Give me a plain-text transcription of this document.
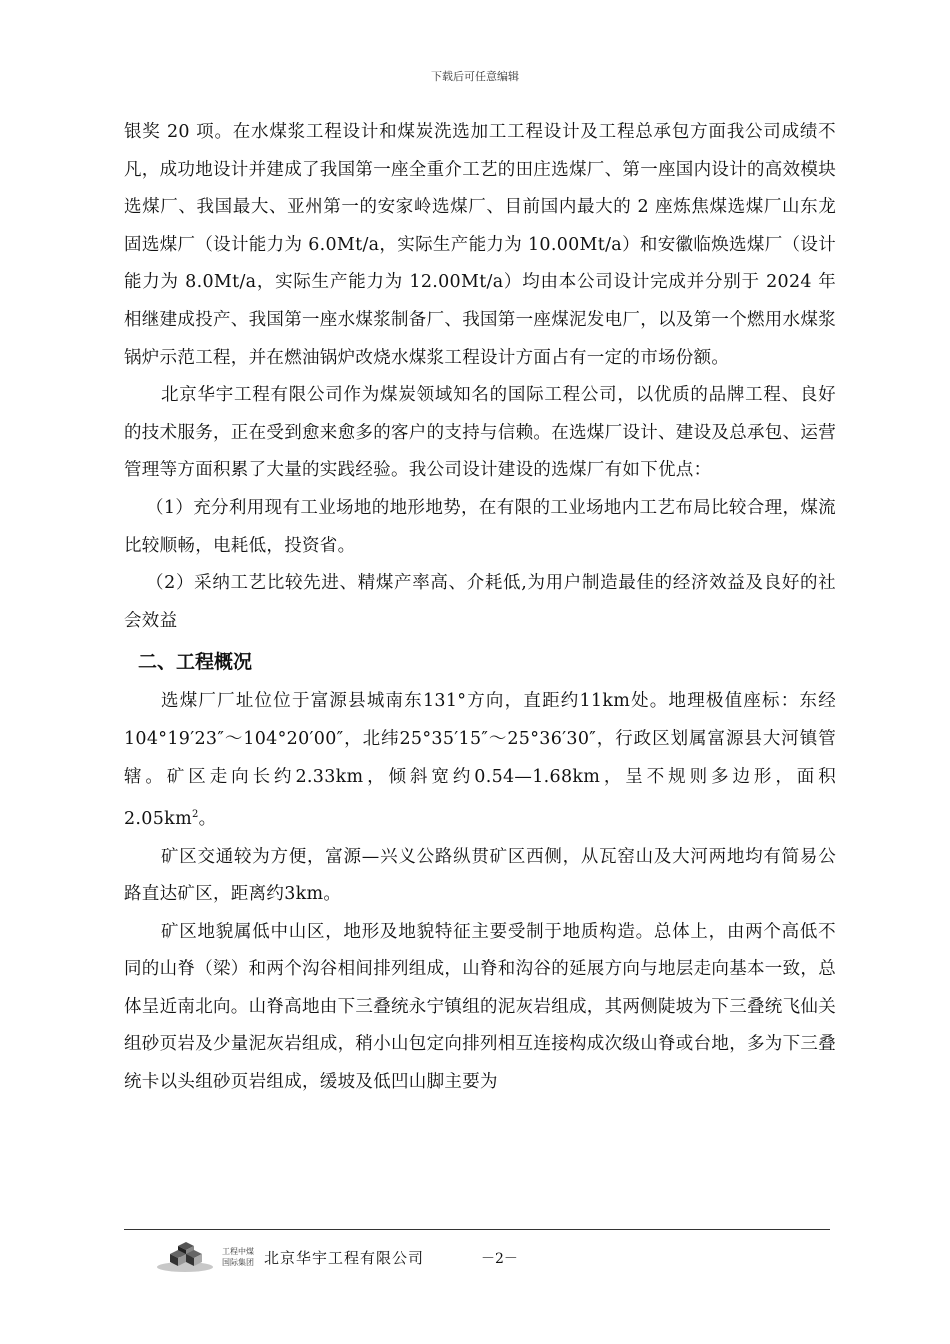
下载后可任意编辑

银奖 20 项。在水煤浆工程设计和煤炭洗选加工工程设计及工程总承包方面我公司成绩不凡，成功地设计并建成了我国第一座全重介工艺的田庄选煤厂、第一座国内设计的高效模块选煤厂、我国最大、亚州第一的安家岭选煤厂、目前国内最大的 2 座炼焦煤选煤厂山东龙固选煤厂（设计能力为 6.0Mt/a，实际生产能力为 10.00Mt/a）和安徽临焕选煤厂（设计能力为 8.0Mt/a，实际生产能力为 12.00Mt/a）均由本公司设计完成并分别于 2024 年相继建成投产、我国第一座水煤浆制备厂、我国第一座煤泥发电厂，以及第一个燃用水煤浆锅炉示范工程，并在燃油锅炉改烧水煤浆工程设计方面占有一定的市场份额。

北京华宇工程有限公司作为煤炭领域知名的国际工程公司，以优质的品牌工程、良好的技术服务，正在受到愈来愈多的客户的支持与信赖。在选煤厂设计、建设及总承包、运营管理等方面积累了大量的实践经验。我公司设计建设的选煤厂有如下优点：

（1）充分利用现有工业场地的地形地势，在有限的工业场地内工艺布局比较合理，煤流比较顺畅，电耗低，投资省。

（2）采纳工艺比较先进、精煤产率高、介耗低,为用户制造最佳的经济效益及良好的社会效益

二、工程概况

选煤厂厂址位位于富源县城南东131°方向，直距约11km处。地理极值座标：东经104°19′23″～104°20′00″，北纬25°35′15″～25°36′30″，行政区划属富源县大河镇管辖。矿区走向长约2.33km，倾斜宽约0.54—1.68km，呈不规则多边形，面积$2.05km^2$。

矿区交通较为方便，富源—兴义公路纵贯矿区西侧，从瓦窑山及大河两地均有简易公路直达矿区，距离约3km。

矿区地貌属低中山区，地形及地貌特征主要受制于地质构造。总体上，由两个高低不同的山脊（梁）和两个沟谷相间排列组成，山脊和沟谷的延展方向与地层走向基本一致，总体呈近南北向。山脊高地由下三叠统永宁镇组的泥灰岩组成，其两侧陡坡为下三叠统飞仙关组砂页岩及少量泥灰岩组成，稍小山包定向排列相互连接构成次级山脊或台地，多为下三叠统卡以头组砂页岩组成，缓坡及低凹山脚主要为

工程中煤
国际集团 北京华宇工程有限公司	－2－
